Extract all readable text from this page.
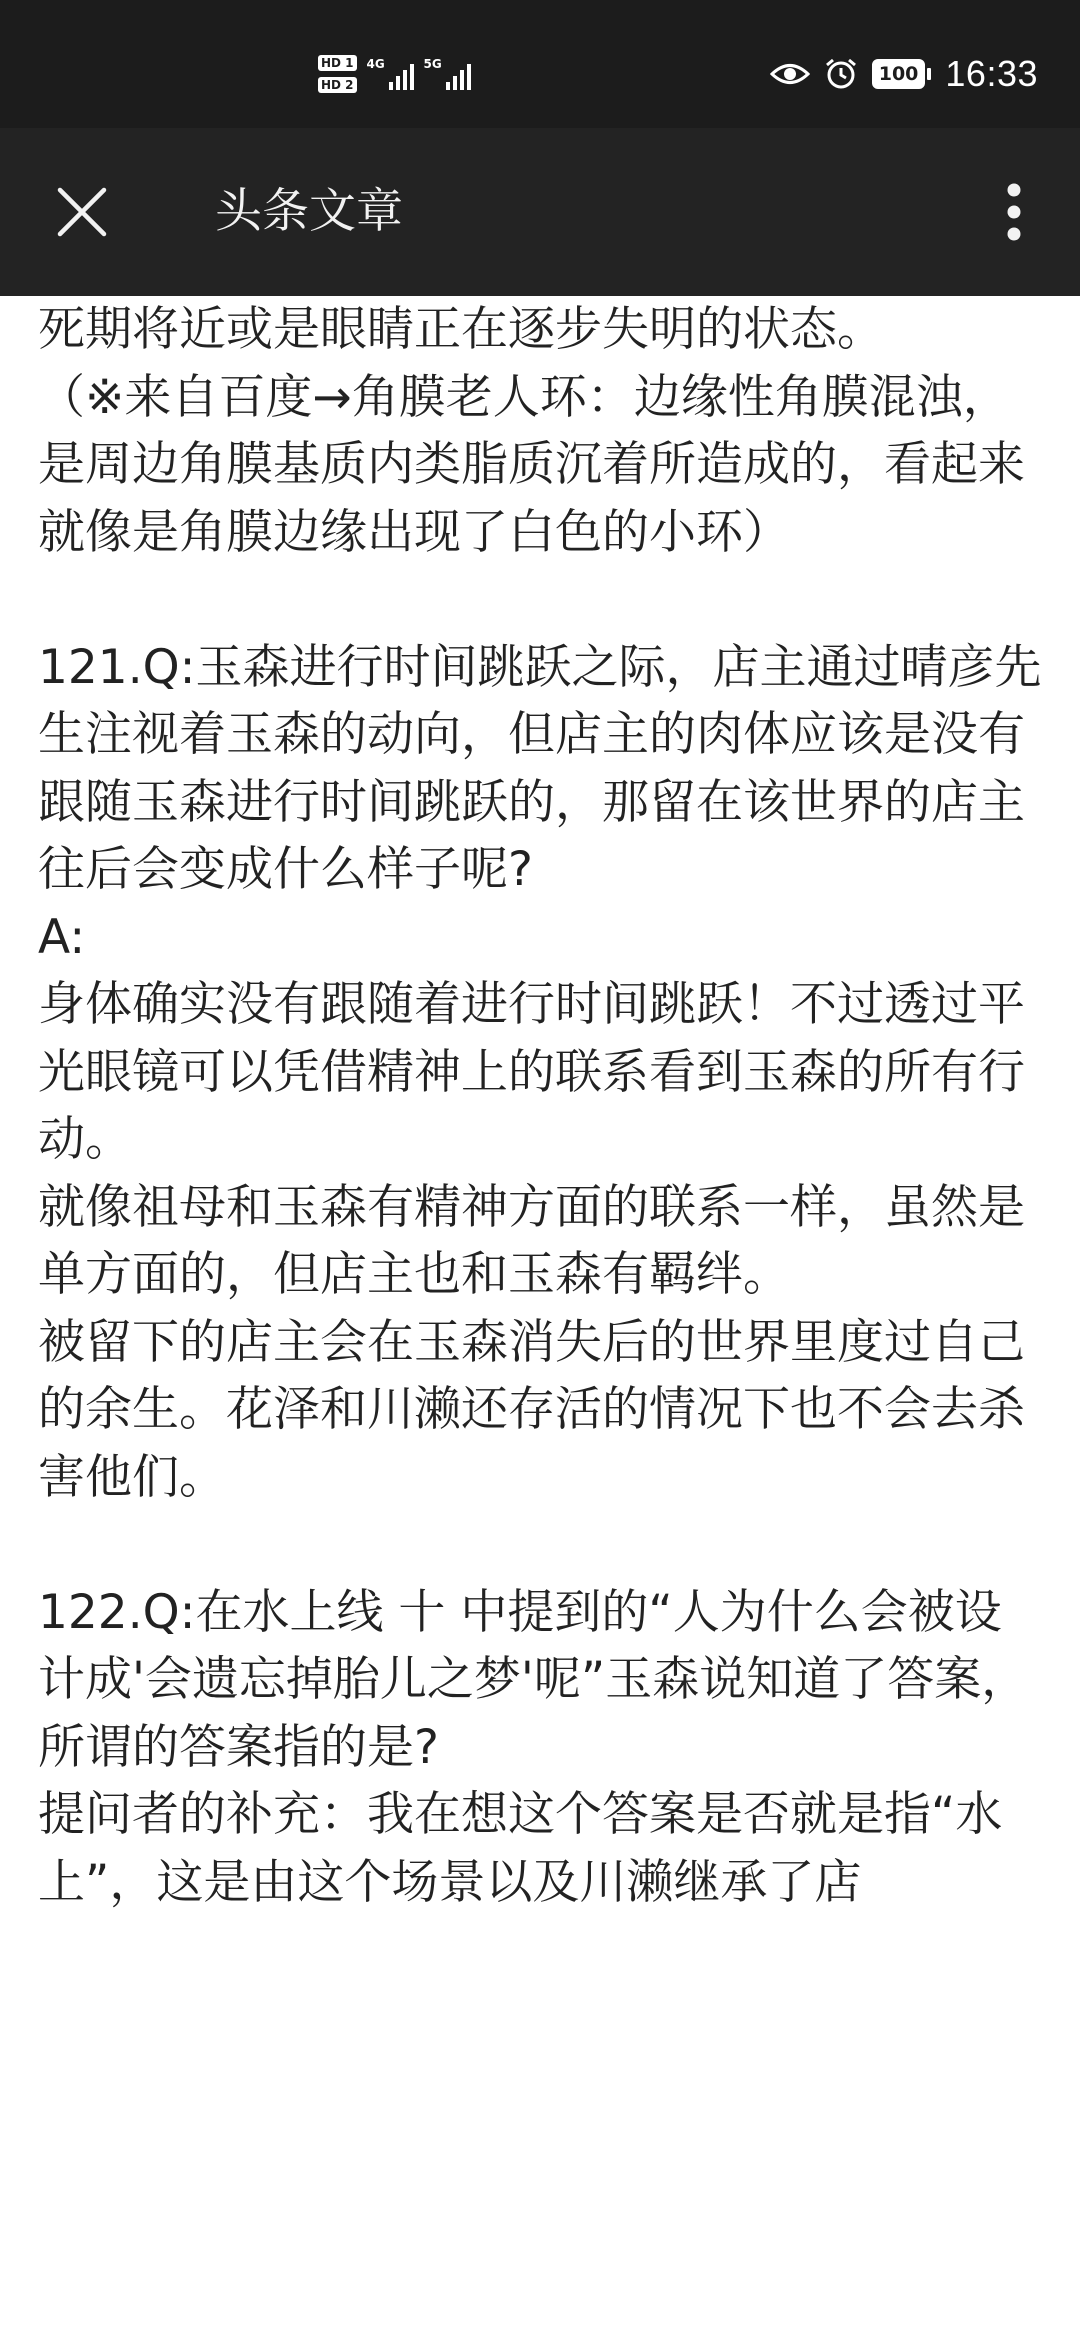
HD 1
HD 2
4G	5G	100 16:33
头条文章

死期将近或是眼睛正在逐步失明的状态。

（※来自百度→角膜老人环：边缘性角膜混浊，是周边角膜基质内类脂质沉着所造成的，看起来就像是角膜边缘出现了白色的小环）

121.Q:玉森进行时间跳跃之际，店主通过晴彦先生注视着玉森的动向，但店主的肉体应该是没有跟随玉森进行时间跳跃的，那留在该世界的店主往后会变成什么样子呢?

A:

身体确实没有跟随着进行时间跳跃！不过透过平光眼镜可以凭借精神上的联系看到玉森的所有行动。

就像祖母和玉森有精神方面的联系一样，虽然是单方面的，但店主也和玉森有羁绊。

被留下的店主会在玉森消失后的世界里度过自己的余生。花泽和川濑还存活的情况下也不会去杀害他们。

122.Q:在水上线 十 中提到的“人为什么会被设计成'会遗忘掉胎儿之梦'呢”玉森说知道了答案，所谓的答案指的是?

提问者的补充：我在想这个答案是否就是指“水上”，这是由这个场景以及川濑继承了店
